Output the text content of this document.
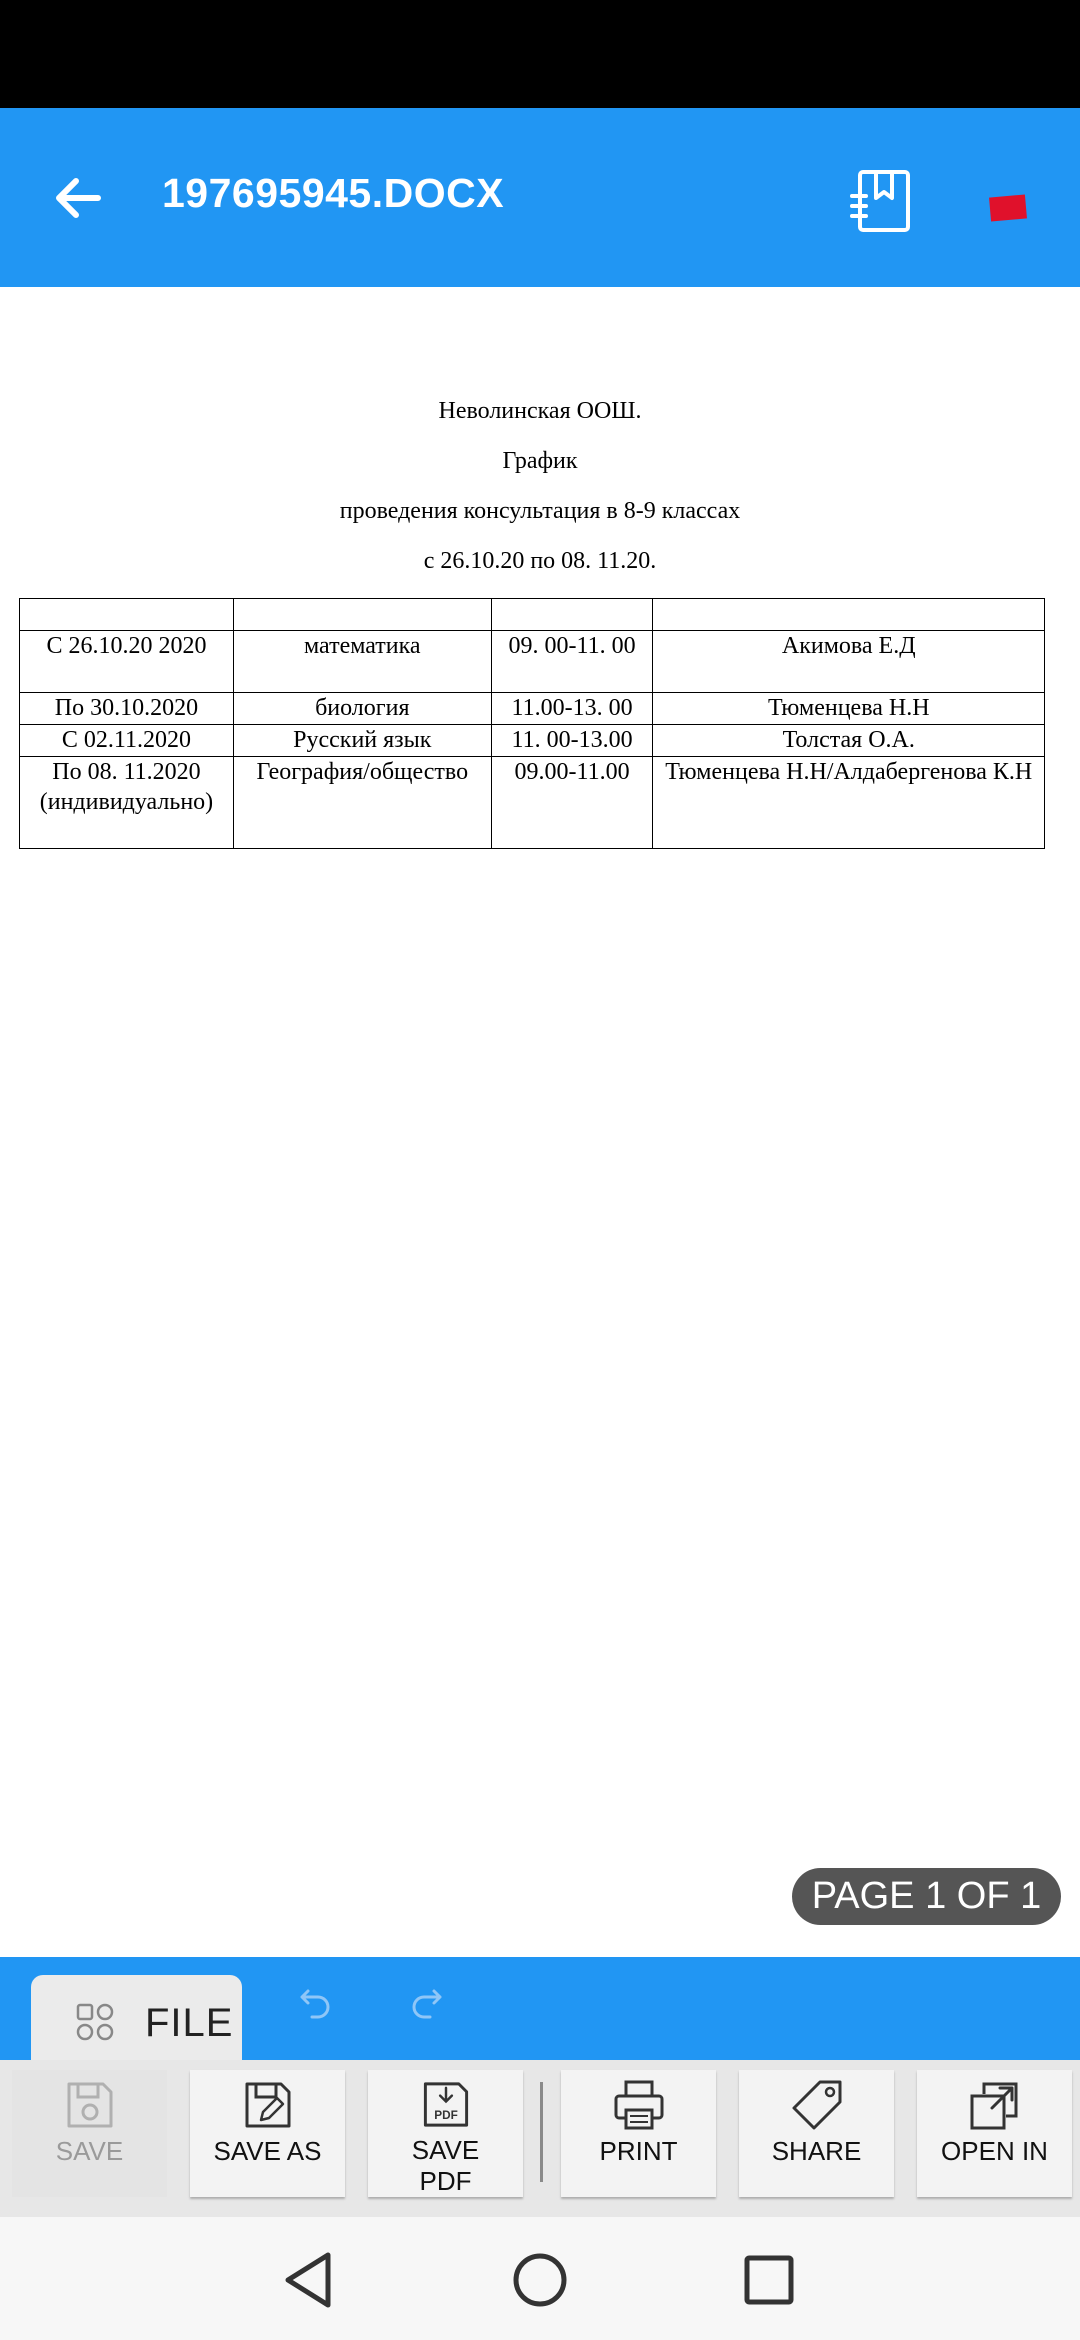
197695945.DOCX
Неволинская ООШ.
График
проведения консультация в 8-9 классах
с 26.10.20 по 08. 11.20.

С 26.10.20 2020	математика	09. 00-11. 00	Акимова Е.Д
По 30.10.2020	биология	11.00-13. 00	Тюменцева Н.Н
С 02.11.2020	Русский язык	11. 00-13.00	Толстая О.А.
По 08. 11.2020 (индивидуально)	География/общество	09.00-11.00	Тюменцева Н.Н/Алдабергенова К.Н
PAGE 1 OF 1
FILE
SAVE	SAVE AS
PDF
SAVE PDF
PRINT	SHARE	OPEN IN
